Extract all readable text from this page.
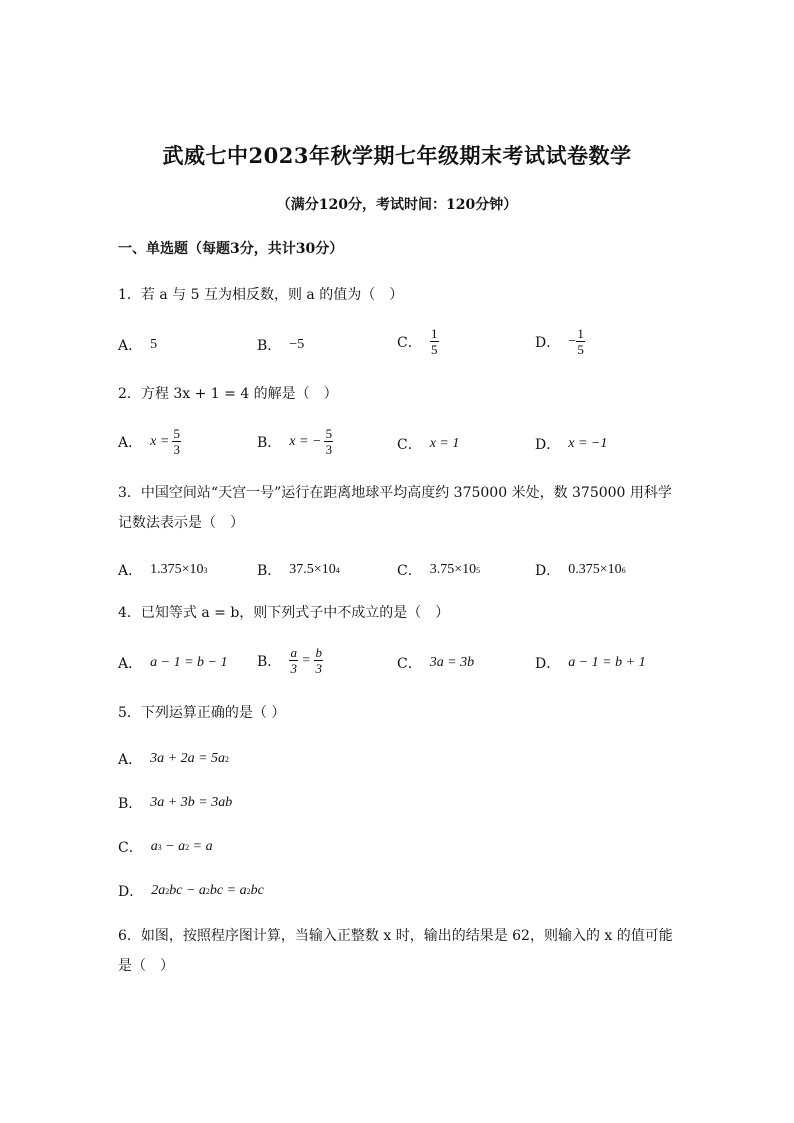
武威七中2023年秋学期七年级期末考试试卷数学
（满分120分，考试时间：120分钟）
一、单选题（每题3分，共计30分）
1．若 a 与 5 互为相反数，则 a 的值为（　）
A． 5	B． −5	C． $\frac{1}{5}$	D． − $\frac{1}{5}$
2．方程 3x + 1 = 4 的解是（　）
A． $x = \frac{5}{3}$	B． x = − $\frac{5}{3}$	C． x = 1	D． x = −1
3．中国空间站“天宫一号”运行在距离地球平均高度约 375000 米处，数 375000 用科学记数法表示是（　）
A． 1.375×10 3	B． 37.5×10 4	C． 3.75×10 5	D． 0.375×10 6
4．已知等式 a = b，则下列式子中不成立的是（　）
A． a − 1 = b − 1 B． $\frac{a}{3} = \frac{b}{3}$	C． 3a = 3b	D． a − 1 = b + 1
5．下列运算正确的是（ ）
A． 3a + 2a = 5a 2
B． 3a + 3b = 3ab
C． a 3 − a 2 = a
D． 2a 2 bc − a 2 bc = a 2 bc
6．如图，按照程序图计算，当输入正整数 x 时，输出的结果是 62，则输入的 x 的值可能是（　）
